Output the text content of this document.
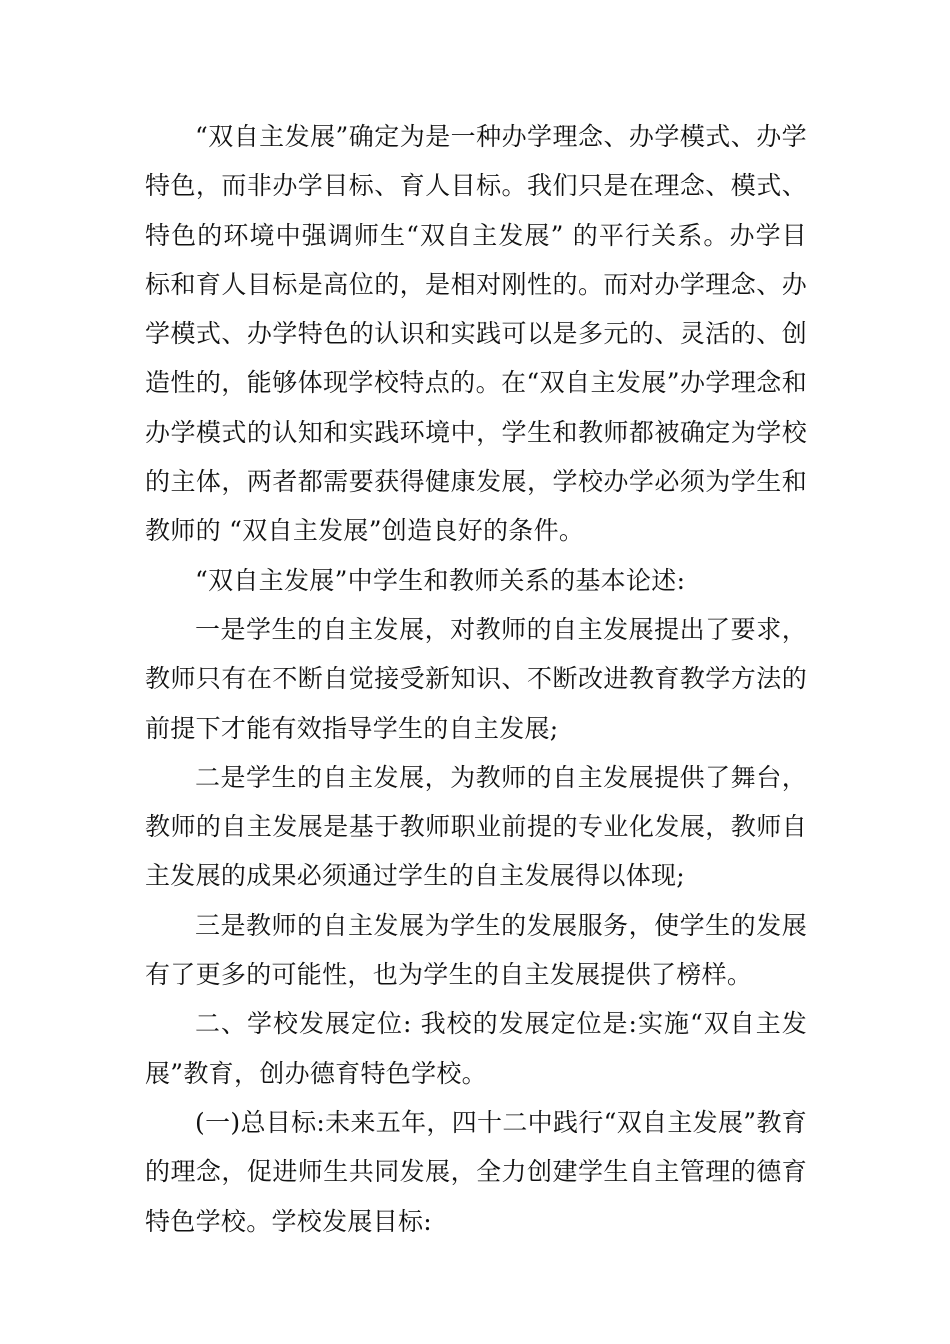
“双自主发展”确定为是一种办学理念、办学模式、办学特色，而非办学目标、育人目标。我们只是在理念、模式、特色的环境中强调师生“双自主发展” 的平行关系。办学目标和育人目标是高位的，是相对刚性的。而对办学理念、办学模式、办学特色的认识和实践可以是多元的、灵活的、创造性的，能够体现学校特点的。在“双自主发展”办学理念和办学模式的认知和实践环境中，学生和教师都被确定为学校的主体，两者都需要获得健康发展，学校办学必须为学生和教师的 “双自主发展”创造良好的条件。

“双自主发展”中学生和教师关系的基本论述:

一是学生的自主发展，对教师的自主发展提出了要求，教师只有在不断自觉接受新知识、不断改进教育教学方法的前提下才能有效指导学生的自主发展;

二是学生的自主发展，为教师的自主发展提供了舞台，教师的自主发展是基于教师职业前提的专业化发展，教师自主发展的成果必须通过学生的自主发展得以体现;

三是教师的自主发展为学生的发展服务，使学生的发展有了更多的可能性，也为学生的自主发展提供了榜样。

二、学校发展定位: 我校的发展定位是:实施“双自主发展”教育，创办德育特色学校。

(一)总目标:未来五年，四十二中践行“双自主发展”教育的理念，促进师生共同发展，全力创建学生自主管理的德育特色学校。学校发展目标:
